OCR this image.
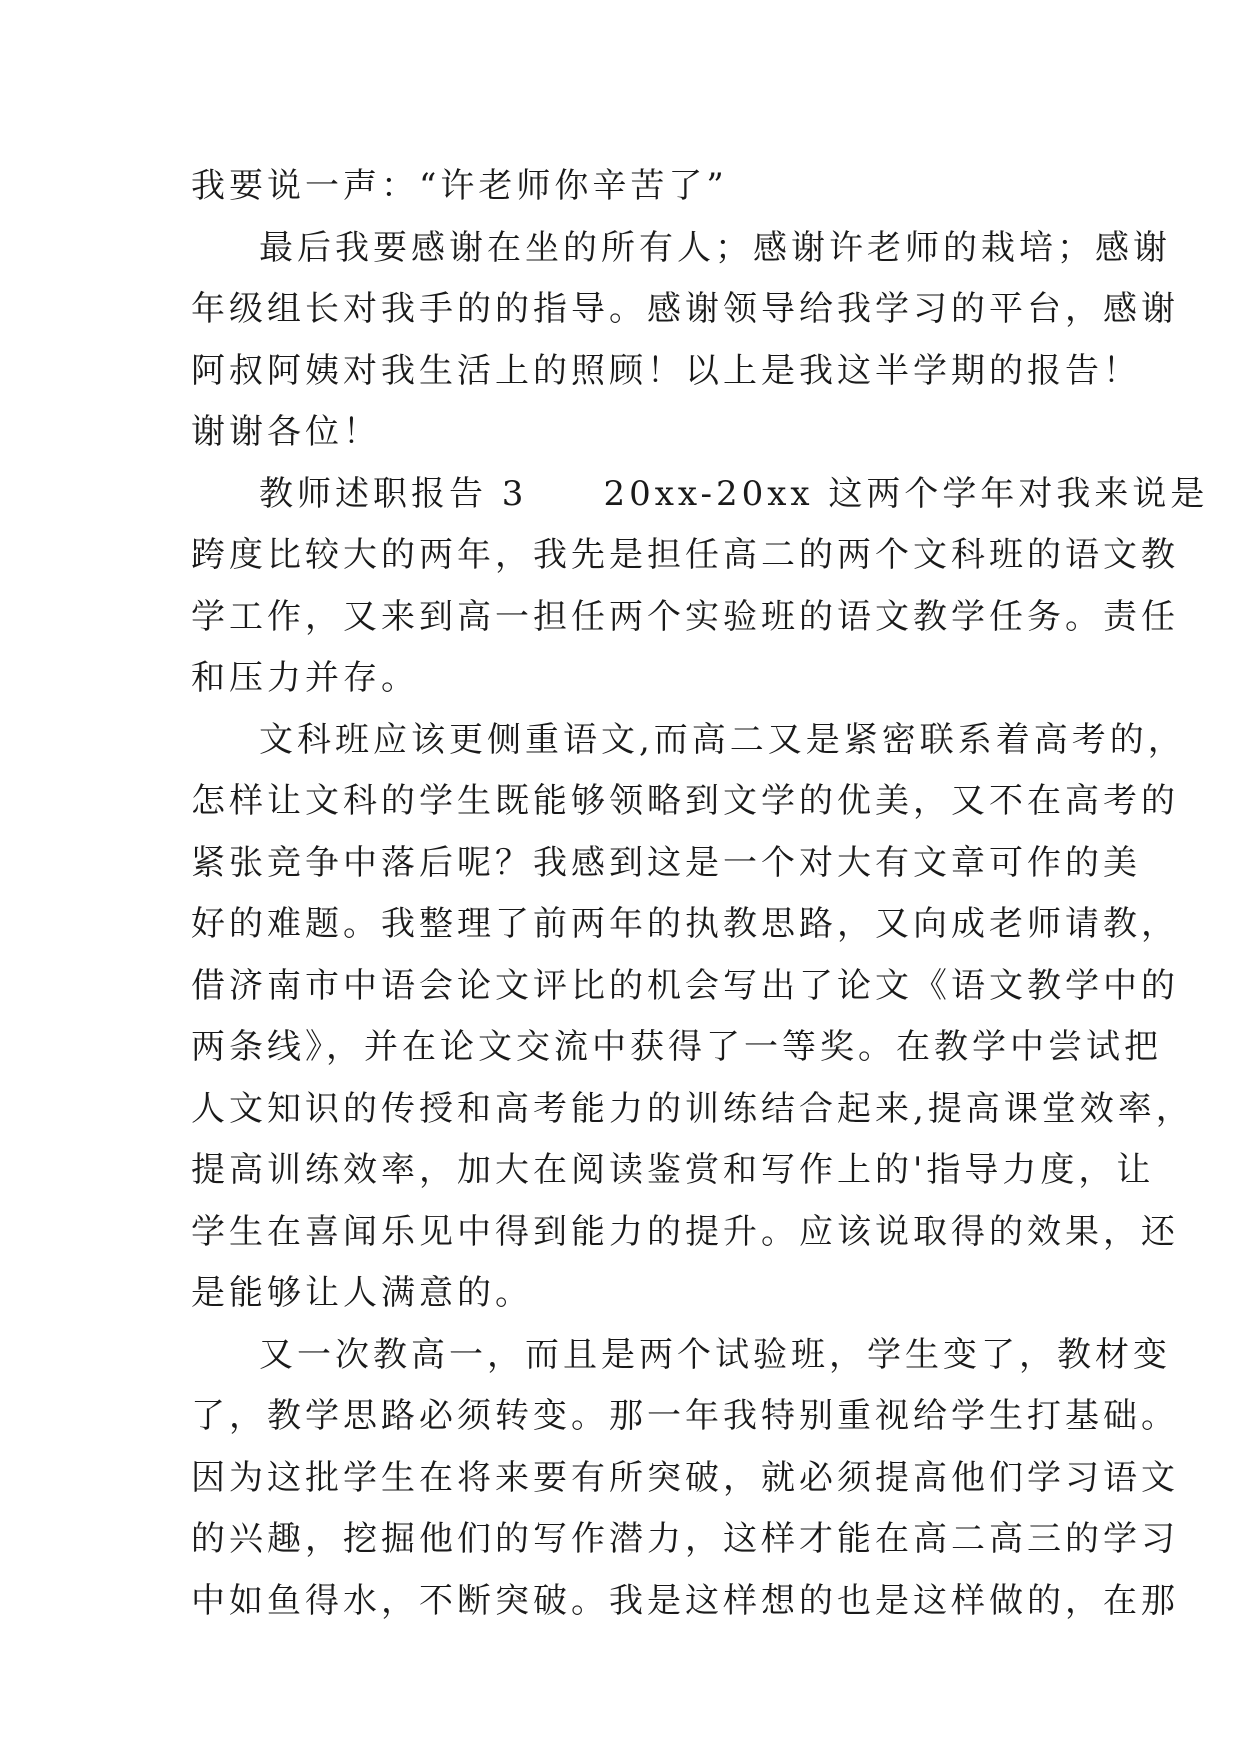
我要说一声：“许老师你辛苦了”
最后我要感谢在坐的所有人；感谢许老师的栽培；感谢
年级组长对我手的的指导。感谢领导给我学习的平台，感谢
阿叔阿姨对我生活上的照顾！以上是我这半学期的报告！
谢谢各位！
教师述职报告 3　　20xx-20xx 这两个学年对我来说是
跨度比较大的两年，我先是担任高二的两个文科班的语文教
学工作，又来到高一担任两个实验班的语文教学任务。责任
和压力并存。
文科班应该更侧重语文,而高二又是紧密联系着高考的，
怎样让文科的学生既能够领略到文学的优美，又不在高考的
紧张竞争中落后呢？我感到这是一个对大有文章可作的美
好的难题。我整理了前两年的执教思路，又向成老师请教，
借济南市中语会论文评比的机会写出了论文《语文教学中的
两条线》，并在论文交流中获得了一等奖。在教学中尝试把
人文知识的传授和高考能力的训练结合起来,提高课堂效率，
提高训练效率，加大在阅读鉴赏和写作上的'指导力度，让
学生在喜闻乐见中得到能力的提升。应该说取得的效果，还
是能够让人满意的。
又一次教高一，而且是两个试验班，学生变了，教材变
了，教学思路必须转变。那一年我特别重视给学生打基础。
因为这批学生在将来要有所突破，就必须提高他们学习语文
的兴趣，挖掘他们的写作潜力，这样才能在高二高三的学习
中如鱼得水，不断突破。我是这样想的也是这样做的，在那
